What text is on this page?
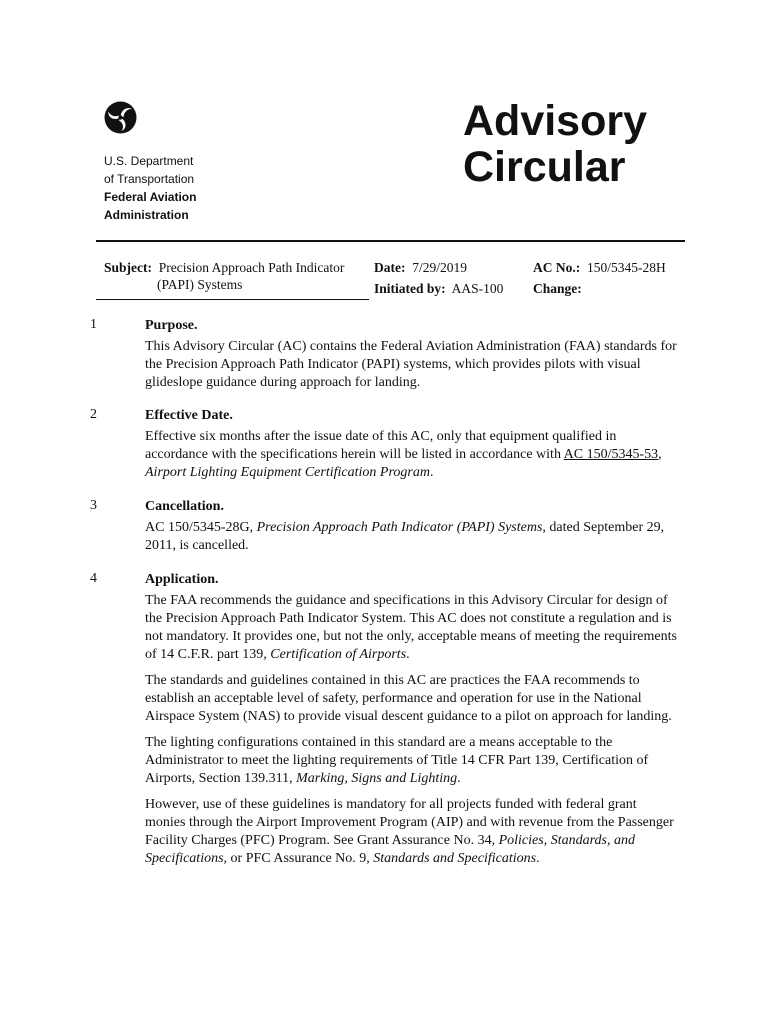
U.S. Department
of Transportation
Federal Aviation
Administration
Advisory
Circular
Subject: Precision Approach Path Indicator
(PAPI) Systems
Date: 7/29/2019
Initiated by: AAS-100
AC No.: 150/5345-28H
Change:
1	Purpose.

This Advisory Circular (AC) contains the Federal Aviation Administration (FAA) standards for the Precision Approach Path Indicator (PAPI) systems, which provides pilots with visual glideslope guidance during approach for landing.

2	Effective Date.

Effective six months after the issue date of this AC, only that equipment qualified in accordance with the specifications herein will be listed in accordance with AC 150/5345-53, Airport Lighting Equipment Certification Program.

3	Cancellation.

AC 150/5345-28G, Precision Approach Path Indicator (PAPI) Systems, dated September 29, 2011, is cancelled.

4	Application.

The FAA recommends the guidance and specifications in this Advisory Circular for design of the Precision Approach Path Indicator System. This AC does not constitute a regulation and is not mandatory. It provides one, but not the only, acceptable means of meeting the requirements of 14 C.F.R. part 139, Certification of Airports.

The standards and guidelines contained in this AC are practices the FAA recommends to establish an acceptable level of safety, performance and operation for use in the National Airspace System (NAS) to provide visual descent guidance to a pilot on approach for landing.

The lighting configurations contained in this standard are a means acceptable to the Administrator to meet the lighting requirements of Title 14 CFR Part 139, Certification of Airports, Section 139.311, Marking, Signs and Lighting.

However, use of these guidelines is mandatory for all projects funded with federal grant monies through the Airport Improvement Program (AIP) and with revenue from the Passenger Facility Charges (PFC) Program. See Grant Assurance No. 34, Policies, Standards, and Specifications, or PFC Assurance No. 9, Standards and Specifications.
